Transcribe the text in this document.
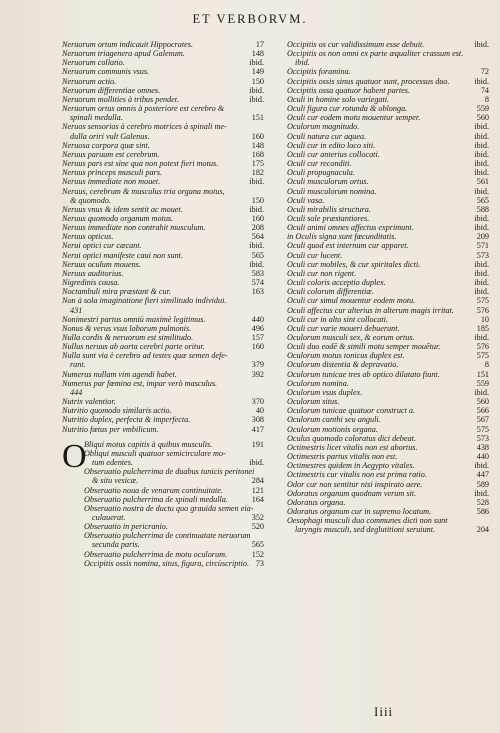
ET VERBORVM.
Neruorum ortum indicauit Hippocrates.	17
Neruorum triagenera apud Galenum.	148
Neruorum collatio.	ibid.
Neruorum communis vsus.	149
Neruorum actio.	150
Neruorum differentiae omnes.	ibid.
Neruorum mollities à tribus pendet.	ibid.
Neruorum ortus omnis à posteriore est cerebro &
spinali medulla.	151
Neruos sensorios à cerebro motrices à spinali me-
dulla oriri vult Galenus.	160
Neruosa corpora quæ sint.	148
Neruus paruum est cerebrum.	168
Neruus pars est sine qua non potest fieri motus.	175
Neruus princeps musculi pars.	182
Neruus immediate non mouet.	ibid.
Neruus, cerebrum & musculus tria organa motus,
& quomodo.	150
Neruus vnus & idem sentit ac mouet.	ibid.
Neruus quomodo organum motus.	160
Neruus immediate non contrahit musculum.	208
Neruus opticus.	564
Nerui optici cur cæcant.	ibid.
Nerui optici manifeste caui non sunt.	565
Neruus oculum mouens.	ibid.
Neruus auditorius.	583
Nigredinis causa.	574
Noctambuli mira præstant & cur.	163
Non à sola imaginatione fieri similitudo individui.
431
Nonimestri partus omniù maximè legitimus.	440
Nonus & verus vsus loborum pulmonis.	496
Nulla cordis & neruorum est similitudo.	157
Nullus neruus ab aorta cerebri parte oritur.	160
Nulla sunt via è cerebro ad testes quæ semen defe-
rant.	379
Numerus nullam vim agendi habet.	392
Numerus par fœmina est, impar verò masculus.
444
Nutrix valentior.	370
Nutritio quomodo similaris actio.	40
Nutritio duplex, perfecta & imperfecta.	308
Nutritio fœtus per vmbilicum.	417
O
Bliqui motus capitis à quibus musculis.	191
Obliqui musculi quatuor semicirculare mo-
tum edentes.	ibid.
Obseruatio pulcherrima de duabus tunicis peritonei
& situ vesicæ.	284
Obseruatio noua de venarum continuitate.	121
Obseruatio pulcherrima de spinali medulla.	164
Obseruatio nostra de ductu quo grauida semen eia-
culauerat.	352
Obseruatio in pericranio.	520
Obseruatio pulcherrima de continuatate neruorum
secunda paris.	565
Obseruatio pulcherrima de motu oculorum.	152
Occipitis ossis nomina, situs, figura, circùscriptio. 73
Occipitis os cur validissimum esse debuit.	ibid.
Occipitis os non omni ex parte æqualiter crassum est.
ibid.
Occipitis foramina.	72
Occipitis ossis sinus quatuor sunt, processus duo.	ibid.
Occipitis ossa quatuor habent partes.	74
Oculi in homine solo variegati.	8
Oculi figura cur rotunda & oblonga.	559
Oculi cur eodem motu mouentur semper.	560
Oculorum magnitudo.	ibid.
Oculi natura cur aquea.	ibid.
Oculi cur in edito loco siti.	ibid.
Oculi cur anterius collocati.	ibid.
Oculi cur reconditi.	ibid.
Oculi propugnacula.	ibid.
Oculi musculorum ortus.	561
Oculi musculorum nomina.	ibid.
Oculi vasa.	565
Oculi mirabilis structura.	588
Oculi sole præstantiores.	ibid.
Oculi animi omnes affectus exprimunt.	ibid.
in Oculis signa sunt fœcunditatis.	209
Oculi quod est internum cur apparet.	571
Oculi cur lucent.	573
Oculi cur mobiles, & cur spiritales dicti.	ibid.
Oculi cur non rigent.	ibid.
Oculi coloris acceptio duplex.	ibid.
Oculi colorum differentiæ.	ibid.
Oculi cur simul mouentur eodem motu.	575
Oculi affectus cur alterius in alterum magis irritat.	576
Oculi cur in alto sint collocati.	10
Oculi cur varie moueri debuerunt.	185
Oculorum musculi sex, & eorum ortus.	ibid.
Oculi duo eodē & simili motu semper mouētur.	576
Oculorum motus tonicus duplex est.	575
Oculorum distentia & depravatio.	8
Oculorum tunicae tres ab optico dilatato fiunt.	151
Oculorum nomina.	559
Oculorum vsus duplex.	ibid.
Oculorum situs.	560
Oculorum tunicae quatuor construct a.	566
Oculorum canthi seu anguli.	567
Oculorum motionis organa.	575
Oculus quomodo coloratus dici debeat.	573
Octimestris licet vitalis non est abortus.	438
Octimestris partus vitalis non est.	440
Octimestres quidem in Aegypto vitales.	ibid.
Octimestris cur vitalis non est prima ratio.	447
Odor cur non sentitur nisi inspirato aere.	589
Odoratus organum quodnam verum sit.	ibid.
Odoratus organa.	528
Odoratus organum cur in supremo locatum.	586
Oesophagi musculi duo communes dicti non sunt
laryngis musculi, sed deglutitioni seruiunt.	204
Iiii
